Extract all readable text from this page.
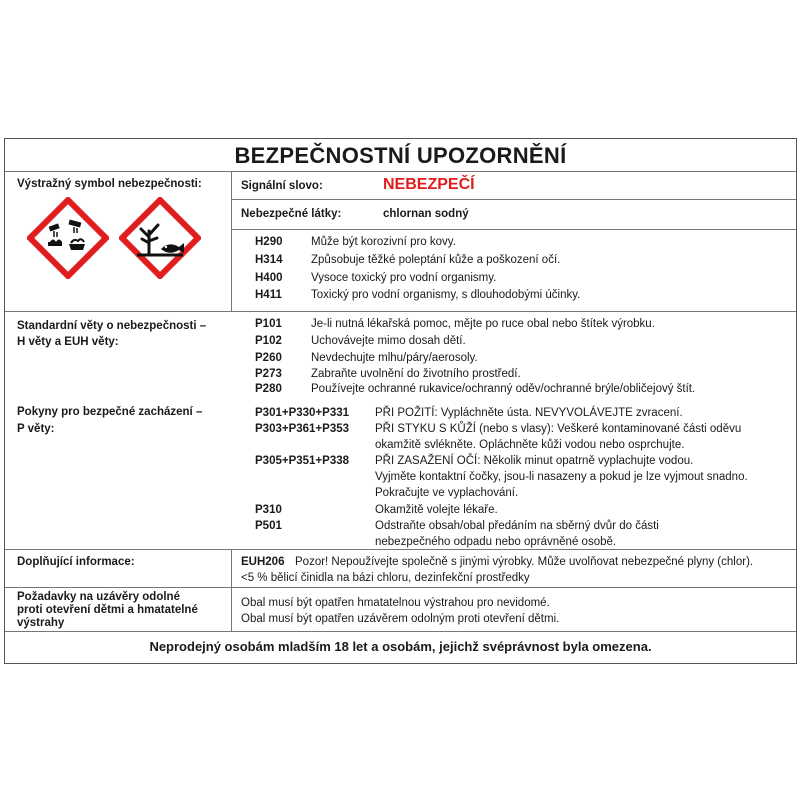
BEZPEČNOSTNÍ UPOZORNĚNÍ
Výstražný symbol nebezpečnosti:	Signální slovo:	NEBEZPEČÍ
Nebezpečné látky:	chlornan sodný
H290 Může být korozivní pro kovy.
H314 Způsobuje těžké poleptání kůže a poškození očí.
H400 Vysoce toxický pro vodní organismy.
H411	Toxický pro vodní organismy, s dlouhodobými účinky.
Standardní věty o nebezpečnosti –
H věty a EUH věty:
P101	Je-li nutná lékařská pomoc, mějte po ruce obal nebo štítek výrobku.
P102	Uchovávejte mimo dosah dětí.
P260	Nevdechujte mlhu/páry/aerosoly.
P273	Zabraňte uvolnění do životního prostředí.
P280	Používejte ochranné rukavice/ochranný oděv/ochranné brýle/obličejový štít.
Pokyny pro bezpečné zacházení –
P věty:
P301+P330+P331 PŘI POŽITÍ: Vypláchněte ústa. NEVYVOLÁVEJTE zvracení.
P303+P361+P353 PŘI STYKU S KŮŽÍ (nebo s vlasy): Veškeré kontaminované části oděvu
okamžitě svlékněte. Opláchněte kůži vodou nebo osprchujte.
P305+P351+P338 PŘI ZASAŽENÍ OČÍ: Několik minut opatrně vyplachujte vodou.
Vyjměte kontaktní čočky, jsou-li nasazeny a pokud je lze vyjmout snadno.
Pokračujte ve vyplachování.
P310	Okamžitě volejte lékaře.
P501	Odstraňte obsah/obal předáním na sběrný dvůr do části
nebezpečného odpadu nebo oprávněné osobě.
Doplňující informace:	EUH206 Pozor! Nepoužívejte společně s jinými výrobky. Může uvolňovat nebezpečné plyny (chlor).
<5 % bělicí činidla na bázi chloru, dezinfekční prostředky
Požadavky na uzávěry odolné
proti otevření dětmi a hmatatelné
výstrahy
Obal musí být opatřen hmatatelnou výstrahou pro nevidomé.
Obal musí být opatřen uzávěrem odolným proti otevření dětmi.
Neprodejný osobám mladším 18 let a osobám, jejichž svéprávnost byla omezena.
